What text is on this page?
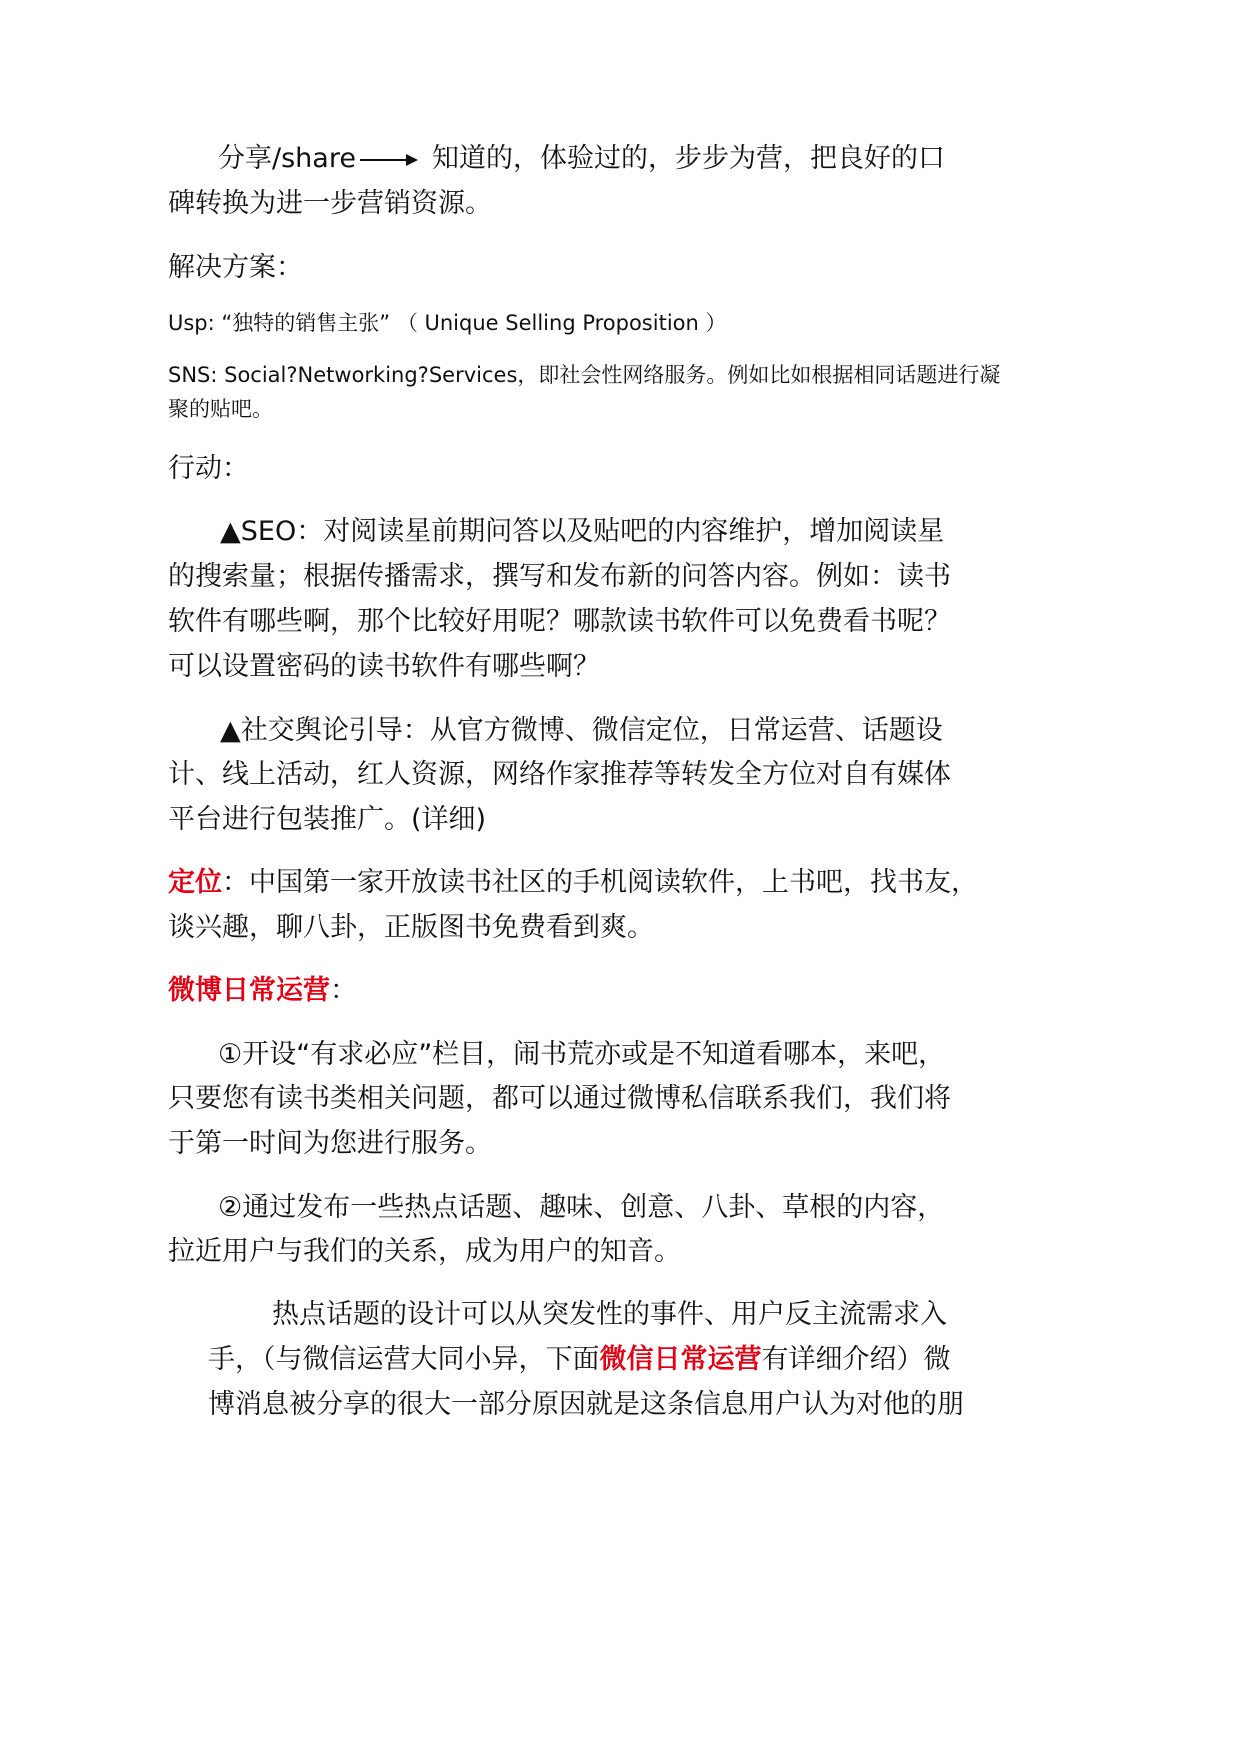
分享/share	知道的，体验过的，步步为营，把良好的口
碑转换为进一步营销资源。
解决方案：
Usp: “独特的销售主张” （ Unique Selling Proposition ）
SNS: Social?Networking?Services，即社会性网络服务。例如比如根据相同话题进行凝
聚的贴吧。
行动：
▲SEO：对阅读星前期问答以及贴吧的内容维护，增加阅读星
的搜索量；根据传播需求，撰写和发布新的问答内容。例如：读书
软件有哪些啊，那个比较好用呢？哪款读书软件可以免费看书呢？
可以设置密码的读书软件有哪些啊？
▲社交舆论引导：从官方微博、微信定位，日常运营、话题设
计、线上活动，红人资源，网络作家推荐等转发全方位对自有媒体
平台进行包装推广。(详细)
定位：中国第一家开放读书社区的手机阅读软件，上书吧，找书友，
谈兴趣，聊八卦，正版图书免费看到爽。
微博日常运营：
①开设“有求必应”栏目，闹书荒亦或是不知道看哪本，来吧，
只要您有读书类相关问题，都可以通过微博私信联系我们，我们将
于第一时间为您进行服务。
②通过发布一些热点话题、趣味、创意、八卦、草根的内容，
拉近用户与我们的关系，成为用户的知音。
热点话题的设计可以从突发性的事件、用户反主流需求入
手，（与微信运营大同小异，下面微信日常运营有详细介绍）微
博消息被分享的很大一部分原因就是这条信息用户认为对他的朋
